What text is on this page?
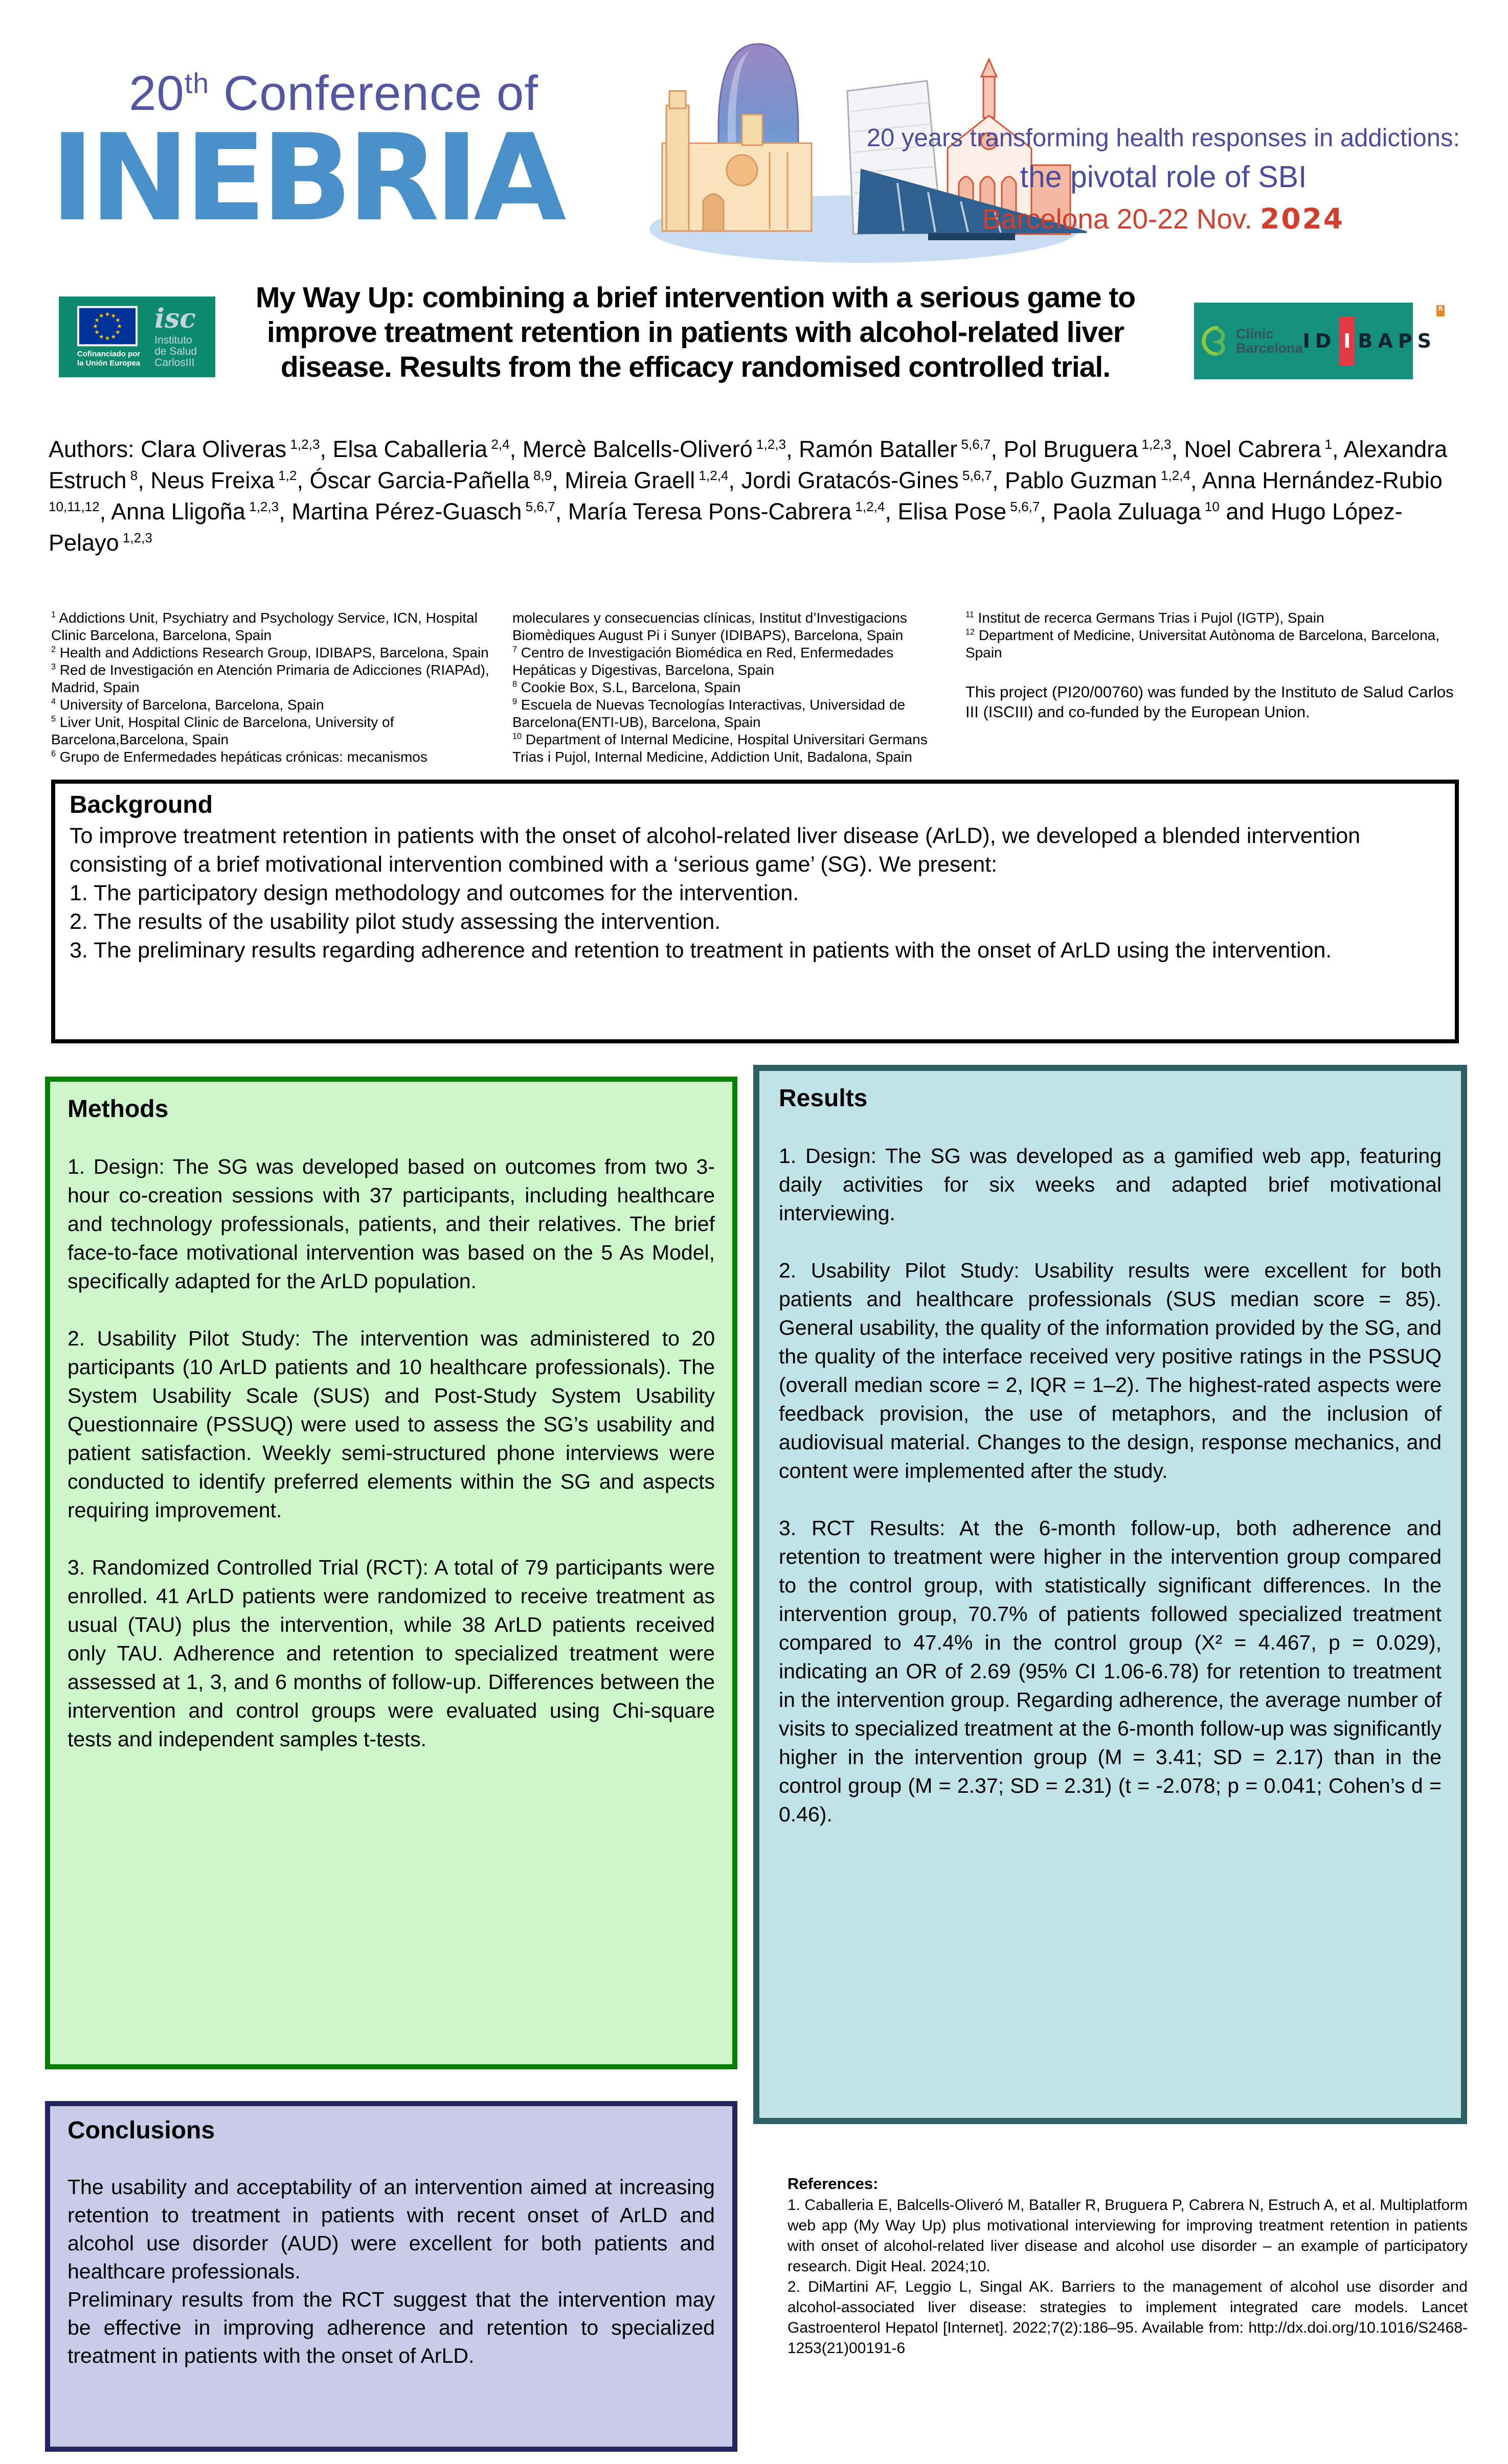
20th Conference of
INEBRIA	20 years transforming health responses in addictions:
the pivotal role of SBI
Barcelona 20-22 Nov. 2024
★ ★
★
★
★
★
★
★
★
★
★
★
Cofinanciado por
la Unión Europea
isc
Instituto
de Salud
CarlosIII
My Way Up: combining a brief intervention with a serious game to improve treatment retention in patients with alcohol-related liver disease. Results from the efficacy randomised controlled trial.
Clínic
Barcelona ID I BAPS
R
Authors: Clara Oliveras $^{1,2,3}$, Elsa Caballeria $^{2,4}$, Mercè Balcells-Oliveró $^{1,2,3}$, Ramón Bataller $^{5,6,7}$, Pol Bruguera $^{1,2,3}$, Noel Cabrera $^1$, Alexandra Estruch $^8$, Neus Freixa $^{1,2}$, Óscar Garcia-Pañella $^{8,9}$, Mireia Graell $^{1,2,4}$, Jordi Gratacós-Gines $^{5,6,7}$, Pablo Guzman $^{1,2,4}$, Anna Hernández-Rubio $^{10,11,12}$, Anna Lligoña $^{1,2,3}$, Martina Pérez-Guasch $^{5,6,7}$, María Teresa Pons-Cabrera $^{1,2,4}$, Elisa Pose $^{5,6,7}$, Paola Zuluaga $^{10}$ and Hugo López-Pelayo $^{1,2,3}$
$^1$ Addictions Unit, Psychiatry and Psychology Service, ICN, Hospital Clinic Barcelona, Barcelona, Spain
$^2$ Health and Addictions Research Group, IDIBAPS, Barcelona, Spain
$^3$ Red de Investigación en Atención Primaria de Adicciones (RIAPAd), Madrid, Spain
$^4$ University of Barcelona, Barcelona, Spain
$^5$ Liver Unit, Hospital Clinic de Barcelona, University of Barcelona,Barcelona, Spain
$^6$ Grupo de Enfermedades hepáticas crónicas: mecanismos
moleculares y consecuencias clínicas, Institut d’Investigacions Biomèdiques August Pi i Sunyer (IDIBAPS), Barcelona, Spain
$^7$ Centro de Investigación Biomédica en Red, Enfermedades Hepáticas y Digestivas, Barcelona, Spain
$^8$ Cookie Box, S.L, Barcelona, Spain
$^9$ Escuela de Nuevas Tecnologías Interactivas, Universidad de Barcelona(ENTI-UB), Barcelona, Spain
$^{10}$ Department of Internal Medicine, Hospital Universitari Germans Trias i Pujol, Internal Medicine, Addiction Unit, Badalona, Spain
$^{11}$ Institut de recerca Germans Trias i Pujol (IGTP), Spain
$^{12}$ Department of Medicine, Universitat Autònoma de Barcelona, Barcelona, Spain
This project (PI20/00760) was funded by the Instituto de Salud Carlos III (ISCIII) and co-funded by the European Union.
Background

To improve treatment retention in patients with the onset of alcohol-related liver disease (ArLD), we developed a blended intervention consisting of a brief motivational intervention combined with a ‘serious game’ (SG). We present:

1. The participatory design methodology and outcomes for the intervention.
2. The results of the usability pilot study assessing the intervention.
3. The preliminary results regarding adherence and retention to treatment in patients with the onset of ArLD using the intervention.
Methods

1. Design: The SG was developed based on outcomes from two 3-hour co-creation sessions with 37 participants, including healthcare and technology professionals, patients, and their relatives. The brief face-to-face motivational intervention was based on the 5 As Model, specifically adapted for the ArLD population.

2. Usability Pilot Study: The intervention was administered to 20 participants (10 ArLD patients and 10 healthcare professionals). The System Usability Scale (SUS) and Post-Study System Usability Questionnaire (PSSUQ) were used to assess the SG’s usability and patient satisfaction. Weekly semi-structured phone interviews were conducted to identify preferred elements within the SG and aspects requiring improvement.

3. Randomized Controlled Trial (RCT): A total of 79 participants were enrolled. 41 ArLD patients were randomized to receive treatment as usual (TAU) plus the intervention, while 38 ArLD patients received only TAU. Adherence and retention to specialized treatment were assessed at 1, 3, and 6 months of follow-up. Differences between the intervention and control groups were evaluated using Chi-square tests and independent samples t-tests.

Results

1. Design: The SG was developed as a gamified web app, featuring daily activities for six weeks and adapted brief motivational interviewing.

2. Usability Pilot Study: Usability results were excellent for both patients and healthcare professionals (SUS median score = 85). General usability, the quality of the information provided by the SG, and the quality of the interface received very positive ratings in the PSSUQ (overall median score = 2, IQR = 1–2). The highest-rated aspects were feedback provision, the use of metaphors, and the inclusion of audiovisual material. Changes to the design, response mechanics, and content were implemented after the study.

3. RCT Results: At the 6-month follow-up, both adherence and retention to treatment were higher in the intervention group compared to the control group, with statistically significant differences. In the intervention group, 70.7% of patients followed specialized treatment compared to 47.4% in the control group (X² = 4.467, p = 0.029), indicating an OR of 2.69 (95% CI 1.06-6.78) for retention to treatment in the intervention group. Regarding adherence, the average number of visits to specialized treatment at the 6-month follow-up was significantly higher in the intervention group (M = 3.41; SD = 2.17) than in the control group (M = 2.37; SD = 2.31) (t = -2.078; p = 0.041; Cohen’s d = 0.46).

Conclusions

The usability and acceptability of an intervention aimed at increasing retention to treatment in patients with recent onset of ArLD and alcohol use disorder (AUD) were excellent for both patients and healthcare professionals.

Preliminary results from the RCT suggest that the intervention may be effective in improving adherence and retention to specialized treatment in patients with the onset of ArLD.

References:

1. Caballeria E, Balcells-Oliveró M, Bataller R, Bruguera P, Cabrera N, Estruch A, et al. Multiplatform web app (My Way Up) plus motivational interviewing for improving treatment retention in patients with onset of alcohol-related liver disease and alcohol use disorder – an example of participatory research. Digit Heal. 2024;10.

2. DiMartini AF, Leggio L, Singal AK. Barriers to the management of alcohol use disorder and alcohol-associated liver disease: strategies to implement integrated care models. Lancet Gastroenterol Hepatol [Internet]. 2022;7(2):186–95. Available from: http://dx.doi.org/10.1016/S2468-1253(21)00191-6
